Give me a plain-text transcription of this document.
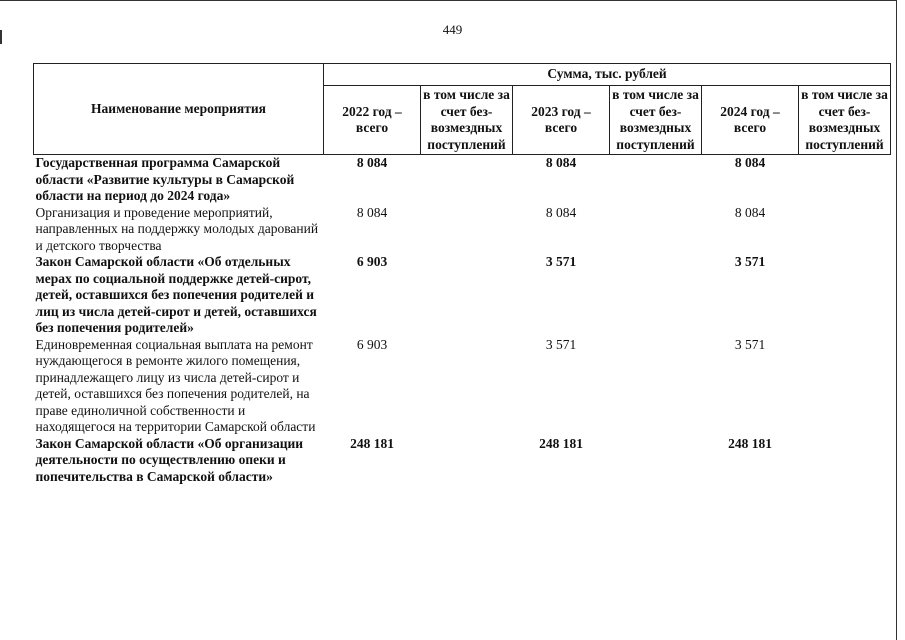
449
Наименование мероприятия	Сумма, тыс. рублей					
	2022 год – всего	в том числе за счет без-возмездных поступлений	2023 год – всего	в том числе за счет без-возмездных поступлений	2024 год – всего	в том числе за счет без-возмездных поступлений
Государственная программа Самарской области «Развитие культуры в Самарской области на период до 2024 года»	8 084		8 084		8 084	
Организация и проведение мероприятий, направленных на поддержку молодых дарований и детского творчества	8 084		8 084		8 084	
Закон Самарской области «Об отдельных мерах по социальной поддержке детей-сирот, детей, оставшихся без попечения родителей и лиц из числа детей-сирот и детей, оставшихся без попечения родителей»	6 903		3 571		3 571	
Единовременная социальная выплата на ремонт нуждающегося в ремонте жилого помещения, принадлежащего лицу из числа детей-сирот и детей, оставшихся без попечения родителей, на праве единоличной собственности и находящегося на территории Самарской области	6 903		3 571		3 571	
Закон Самарской области «Об организации деятельности по осуществлению опеки и попечительства в Самарской области»	248 181		248 181		248 181	
